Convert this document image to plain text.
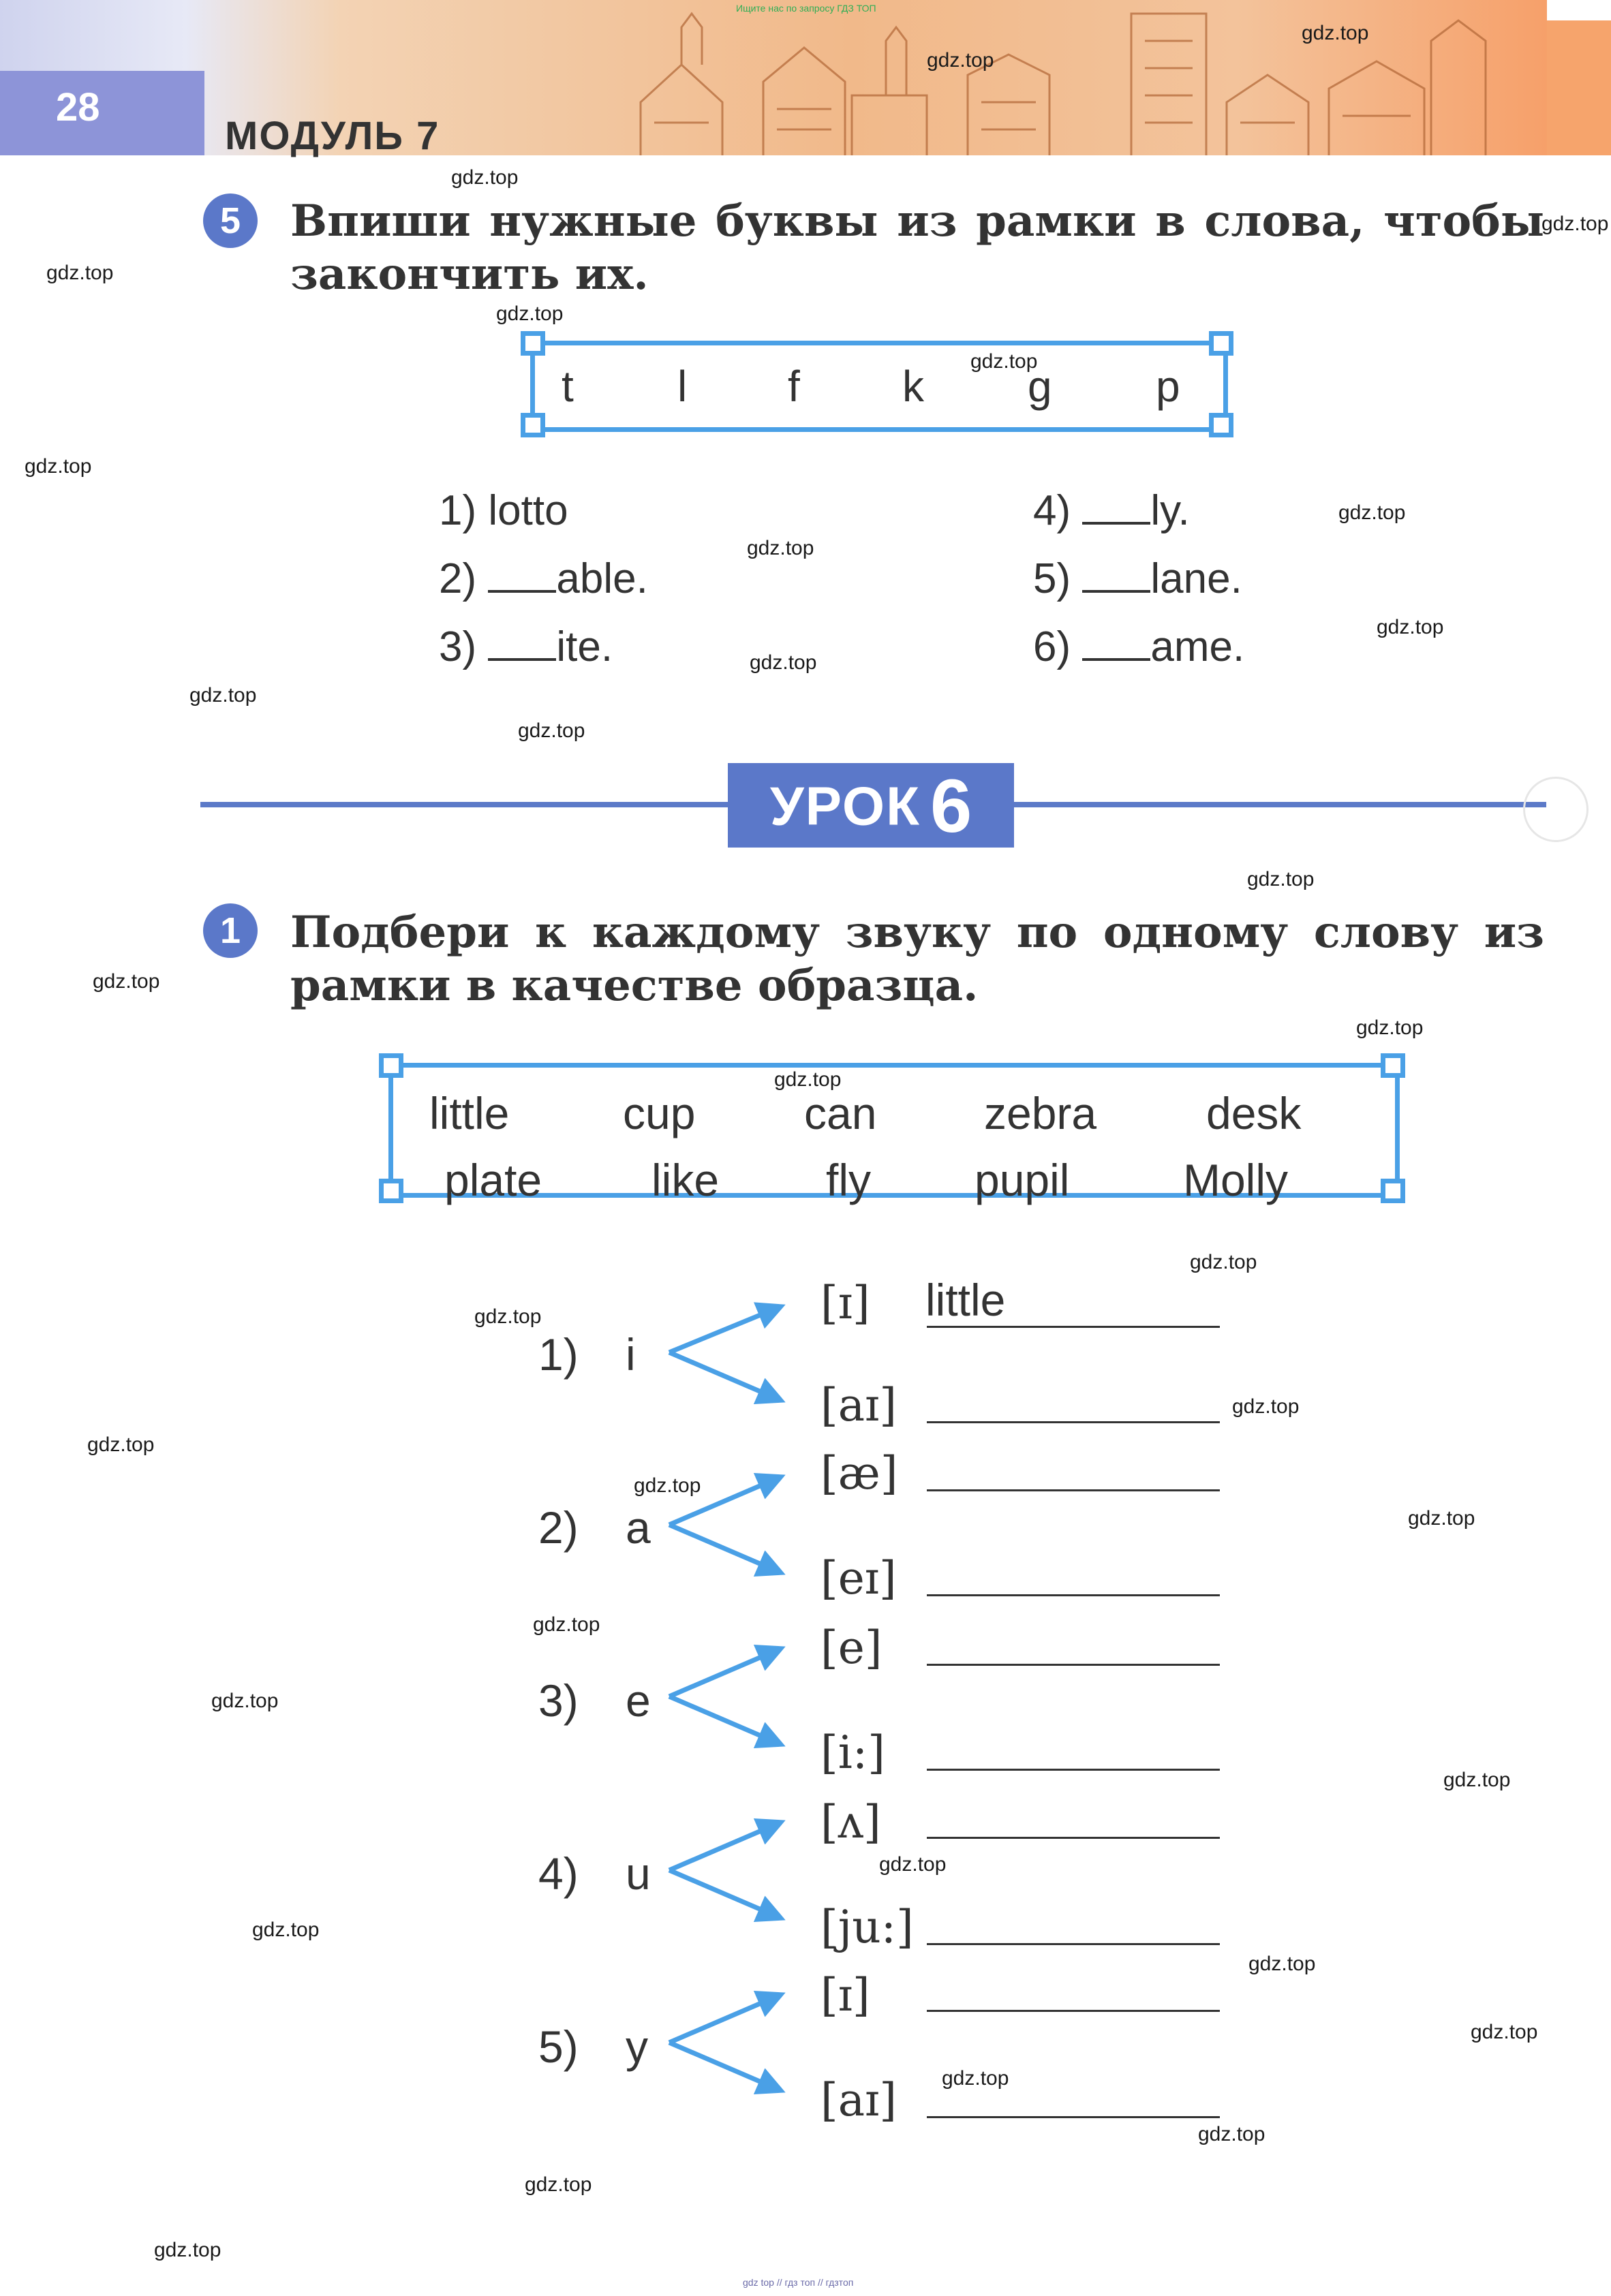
28
МОДУЛЬ 7
Ищите нас по запросу ГДЗ ТОП
5	Впиши нужные буквы из рамки в слова, чтобы закончить их.
t l f k g p
1) lotto
2) able.
3) ite.
4) ly.
5) lane.
6) ame.
УРОК 6
1	Подбери к каждому звуку по одному слову из рамки в качестве образца.
little	cup can zebra desk
plate like fly pupil	Molly
1) i
[ɪ] little
[aɪ]
2) a
[æ]
[eɪ]
3) e
[e]
[i:]
4) u
[ʌ]
[ju:]
5) y
[ɪ]
[aɪ]
gdz.top
gdz.top
gdz.top
gdz.top
gdz.top
gdz.top
gdz.top
gdz.top
gdz.top
gdz.top
gdz.top
gdz.top
gdz.top
gdz.top
gdz.top
gdz.top
gdz.top
gdz.top
gdz.top
gdz.top
gdz.top
gdz.top
gdz.top
gdz.top
gdz.top
gdz.top
gdz.top
gdz.top
gdz.top
gdz.top
gdz.top
gdz.top
gdz.top
gdz.top
gdz.top
gdz top // гдз топ // гдзтоп
